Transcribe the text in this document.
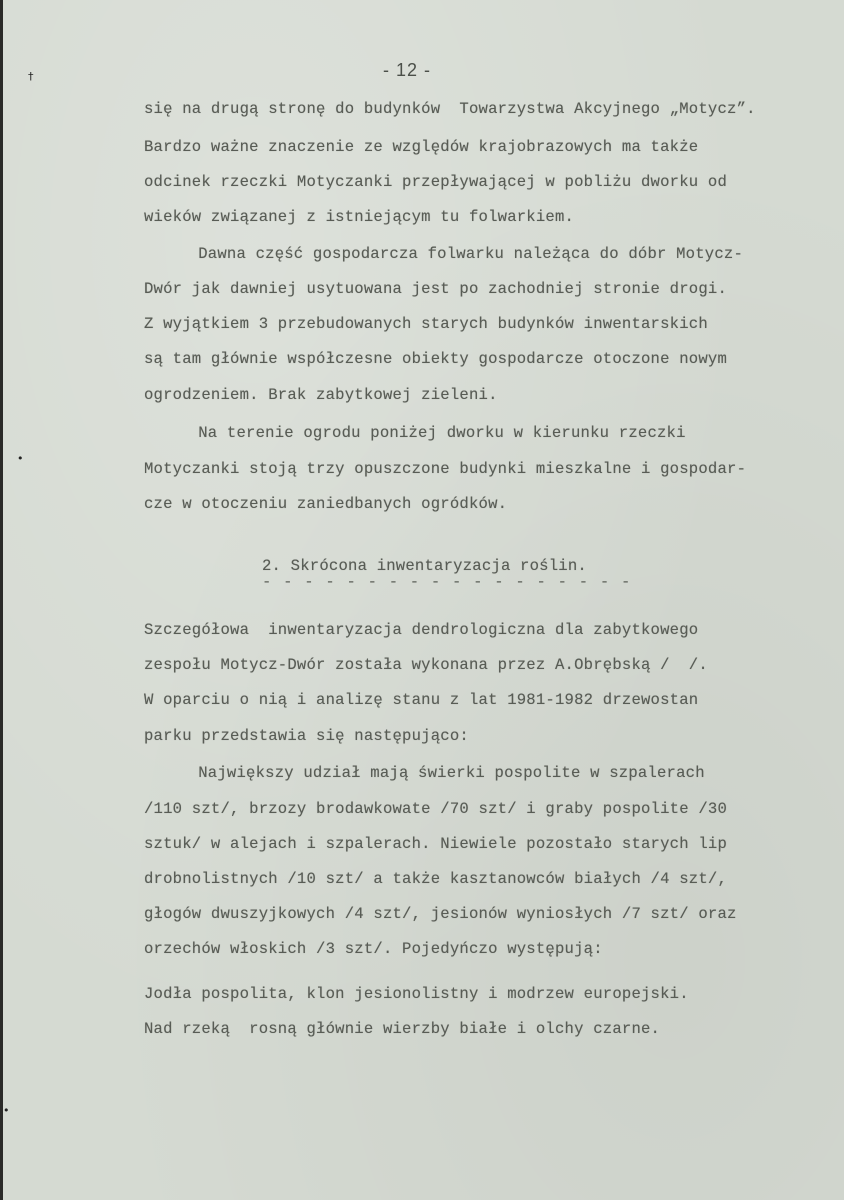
†
•
•
- 12 -
się na drugą stronę do budynków  Towarzystwa Akcyjnego „Motycz”.
Bardzo ważne znaczenie ze względów krajobrazowych ma także
odcinek rzeczki Motyczanki przepływającej w pobliżu dworku od
wieków związanej z istniejącym tu folwarkiem.
Dawna część gospodarcza folwarku należąca do dóbr Motycz-
Dwór jak dawniej usytuowana jest po zachodniej stronie drogi.
Z wyjątkiem 3 przebudowanych starych budynków inwentarskich
są tam głównie współczesne obiekty gospodarcze otoczone nowym
ogrodzeniem. Brak zabytkowej zieleni.
Na terenie ogrodu poniżej dworku w kierunku rzeczki
Motyczanki stoją trzy opuszczone budynki mieszkalne i gospodar-
cze w otoczeniu zaniedbanych ogródków.
2. Skrócona inwentaryzacja roślin.
- - - - - - - - - - - - - - - - - -
Szczegółowa  inwentaryzacja dendrologiczna dla zabytkowego
zespołu Motycz-Dwór została wykonana przez A.Obrębską /  /.
W oparciu o nią i analizę stanu z lat 1981-1982 drzewostan
parku przedstawia się następująco:
Największy udział mają świerki pospolite w szpalerach
/110 szt/, brzozy brodawkowate /70 szt/ i graby pospolite /30
sztuk/ w alejach i szpalerach. Niewiele pozostało starych lip
drobnolistnych /10 szt/ a także kasztanowców białych /4 szt/,
głogów dwuszyjkowych /4 szt/, jesionów wyniosłych /7 szt/ oraz
orzechów włoskich /3 szt/. Pojedyńczo występują:
Jodła pospolita, klon jesionolistny i modrzew europejski.
Nad rzeką  rosną głównie wierzby białe i olchy czarne.
